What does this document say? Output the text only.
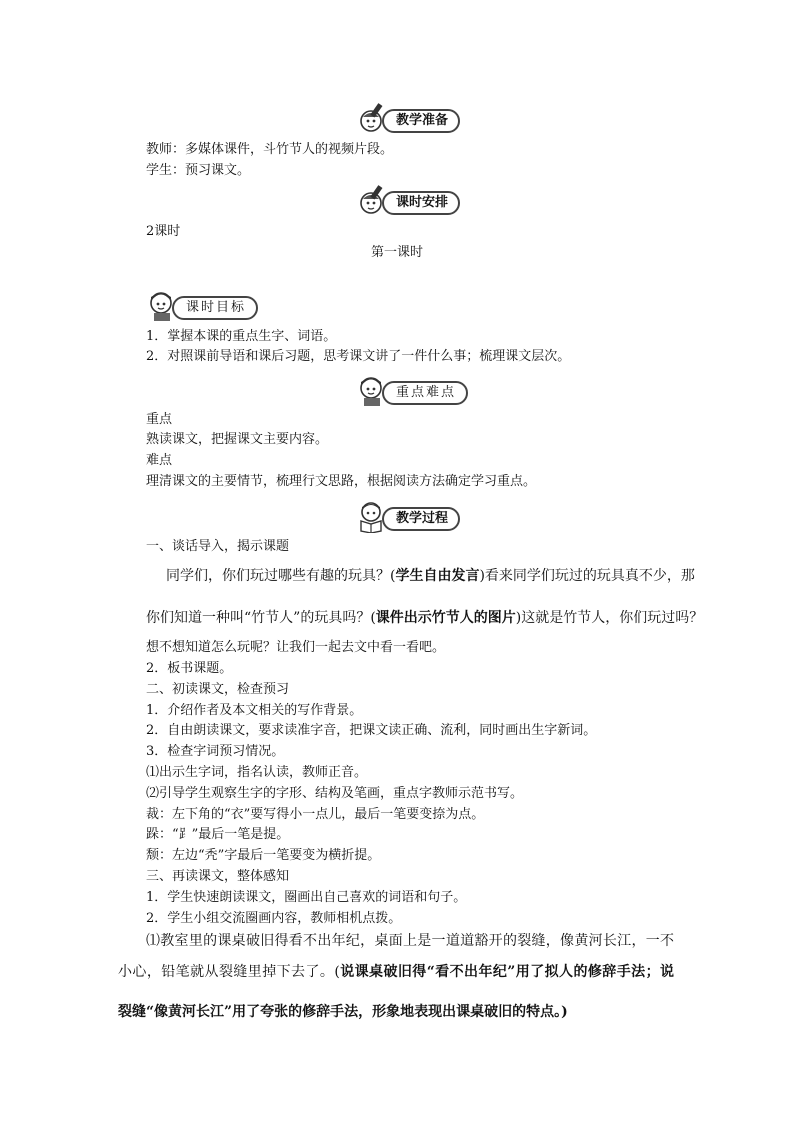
教学准备
教师：多媒体课件，斗竹节人的视频片段。
学生：预习课文。
课时安排
2课时
第一课时
课时目标
1．掌握本课的重点生字、词语。
2．对照课前导语和课后习题，思考课文讲了一件什么事；梳理课文层次。
重点难点
重点
熟读课文，把握课文主要内容。
难点
理清课文的主要情节，梳理行文思路，根据阅读方法确定学习重点。
教学过程
一、谈话导入，揭示课题
同学们，你们玩过哪些有趣的玩具？(学生自由发言)看来同学们玩过的玩具真不少，那
你们知道一种叫“竹节人”的玩具吗？(课件出示竹节人的图片)这就是竹节人，你们玩过吗？
想不想知道怎么玩呢？让我们一起去文中看一看吧。
2．板书课题。
二、初读课文，检查预习
1．介绍作者及本文相关的写作背景。
2．自由朗读课文，要求读准字音，把课文读正确、流利，同时画出生字新词。
3．检查字词预习情况。
⑴出示生字词，指名认读，教师正音。
⑵引导学生观察生字的字形、结构及笔画，重点字教师示范书写。
裁：左下角的“衣”要写得小一点儿，最后一笔要变捺为点。
跺：“⻊”最后一笔是提。
颓：左边“秃”字最后一笔要变为横折提。
三、再读课文，整体感知
1．学生快速朗读课文，圈画出自己喜欢的词语和句子。
2．学生小组交流圈画内容，教师相机点拨。
⑴教室里的课桌破旧得看不出年纪，桌面上是一道道豁开的裂缝，像黄河长江，一不
小心，铅笔就从裂缝里掉下去了。(说课桌破旧得“看不出年纪”用了拟人的修辞手法；说
裂缝“像黄河长江”用了夸张的修辞手法，形象地表现出课桌破旧的特点。)
